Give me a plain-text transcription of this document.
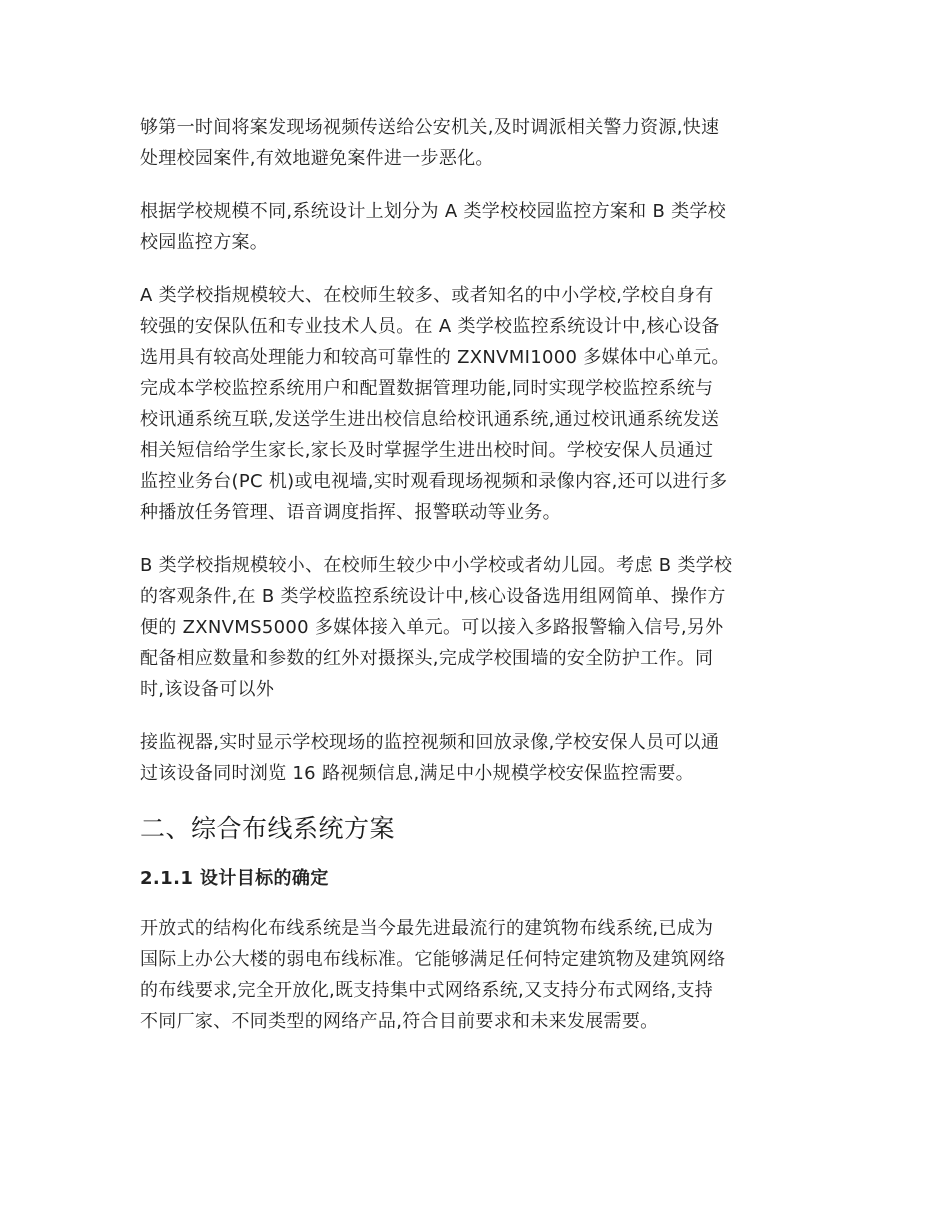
够第一时间将案发现场视频传送给公安机关,及时调派相关警力资源,快速
处理校园案件,有效地避免案件进一步恶化。

根据学校规模不同,系统设计上划分为 A 类学校校园监控方案和 B 类学校
校园监控方案。

A 类学校指规模较大、在校师生较多、或者知名的中小学校,学校自身有
较强的安保队伍和专业技术人员。在 A 类学校监控系统设计中,核心设备
选用具有较高处理能力和较高可靠性的 ZXNVMI1000 多媒体中心单元。
完成本学校监控系统用户和配置数据管理功能,同时实现学校监控系统与
校讯通系统互联,发送学生进出校信息给校讯通系统,通过校讯通系统发送
相关短信给学生家长,家长及时掌握学生进出校时间。学校安保人员通过
监控业务台(PC 机)或电视墙,实时观看现场视频和录像内容,还可以进行多
种播放任务管理、语音调度指挥、报警联动等业务。

B 类学校指规模较小、在校师生较少中小学校或者幼儿园。考虑 B 类学校
的客观条件,在 B 类学校监控系统设计中,核心设备选用组网简单、操作方
便的 ZXNVMS5000 多媒体接入单元。可以接入多路报警输入信号,另外
配备相应数量和参数的红外对摄探头,完成学校围墙的安全防护工作。同
时,该设备可以外

接监视器,实时显示学校现场的监控视频和回放录像,学校安保人员可以通
过该设备同时浏览 16 路视频信息,满足中小规模学校安保监控需要。

二、综合布线系统方案
2.1.1 设计目标的确定

开放式的结构化布线系统是当今最先进最流行的建筑物布线系统,已成为
国际上办公大楼的弱电布线标准。它能够满足任何特定建筑物及建筑网络
的布线要求,完全开放化,既支持集中式网络系统,又支持分布式网络,支持
不同厂家、不同类型的网络产品,符合目前要求和未来发展需要。
